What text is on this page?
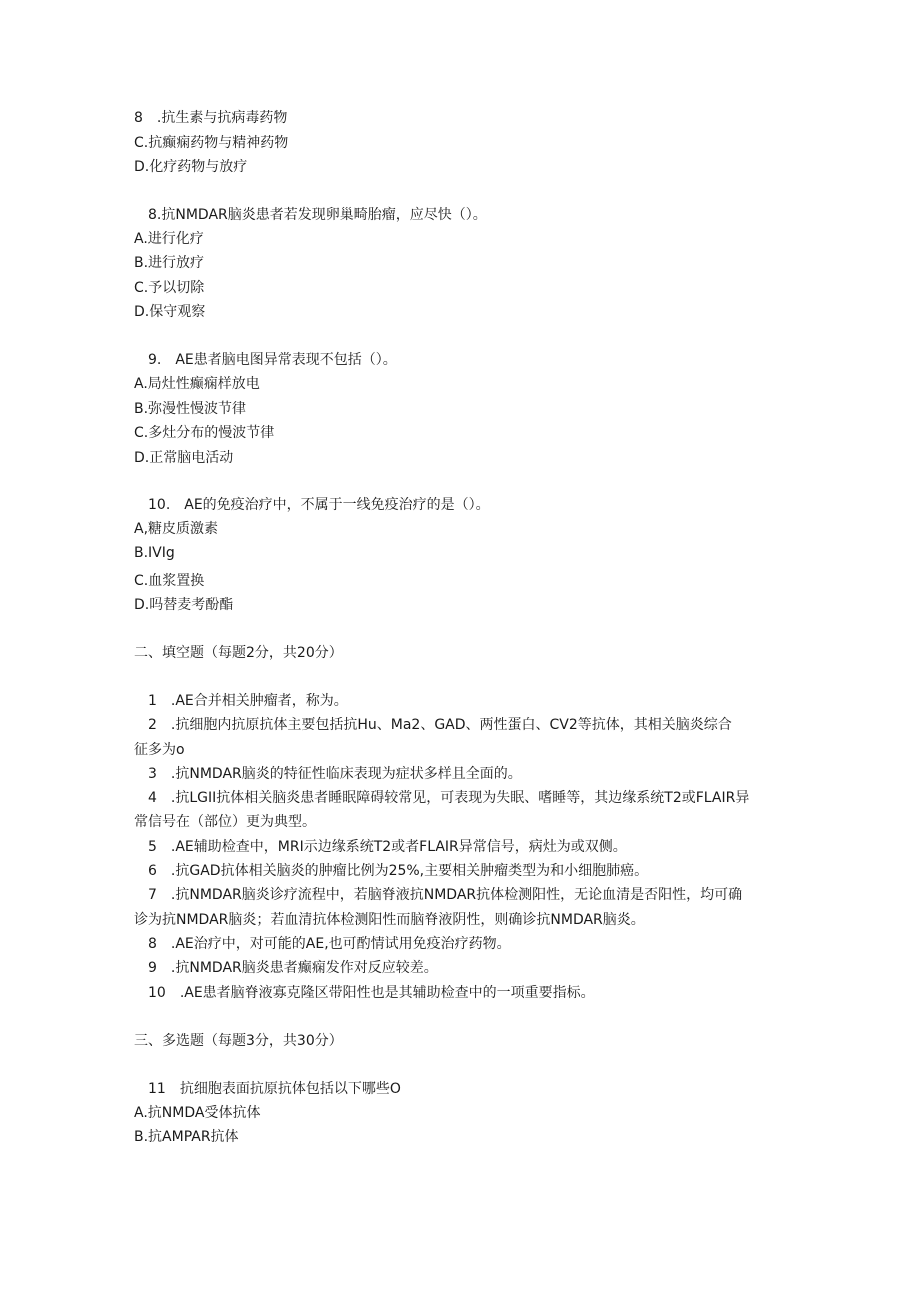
8　.抗生素与抗病毒药物
C.抗癫痫药物与精神药物
D.化疗药物与放疗
8.抗NMDAR脑炎患者若发现卵巢畸胎瘤，应尽快（）。
A.进行化疗
B.进行放疗
C.予以切除
D.保守观察
9.　AE患者脑电图异常表现不包括（）。
A.局灶性癫痫样放电
B.弥漫性慢波节律
C.多灶分布的慢波节律
D.正常脑电活动
10.　AE的免疫治疗中，不属于一线免疫治疗的是（）。
A,糖皮质激素
B.IVIg
C.血浆置换
D.吗替麦考酚酯
二、填空题（每题2分，共20分）
1　.AE合并相关肿瘤者，称为。
2　.抗细胞内抗原抗体主要包括抗Hu、Ma2、GAD、两性蛋白、CV2等抗体，其相关脑炎综合
征多为o
3　.抗NMDAR脑炎的特征性临床表现为症状多样且全面的。
4　.抗LGII抗体相关脑炎患者睡眠障碍较常见，可表现为失眠、嗜睡等，其边缘系统T2或FLAIR异
常信号在（部位）更为典型。
5　.AE辅助检查中，MRI示边缘系统T2或者FLAIR异常信号，病灶为或双侧。
6　.抗GAD抗体相关脑炎的肿瘤比例为25%,主要相关肿瘤类型为和小细胞肺癌。
7　.抗NMDAR脑炎诊疗流程中，若脑脊液抗NMDAR抗体检测阳性，无论血清是否阳性，均可确
诊为抗NMDAR脑炎；若血清抗体检测阳性而脑脊液阴性，则确诊抗NMDAR脑炎。
8　.AE治疗中，对可能的AE,也可酌情试用免疫治疗药物。
9　.抗NMDAR脑炎患者癫痫发作对反应较差。
10　.AE患者脑脊液寡克隆区带阳性也是其辅助检查中的一项重要指标。
三、多选题（每题3分，共30分）
11　抗细胞表面抗原抗体包括以下哪些O
A.抗NMDA受体抗体
B.抗AMPAR抗体
